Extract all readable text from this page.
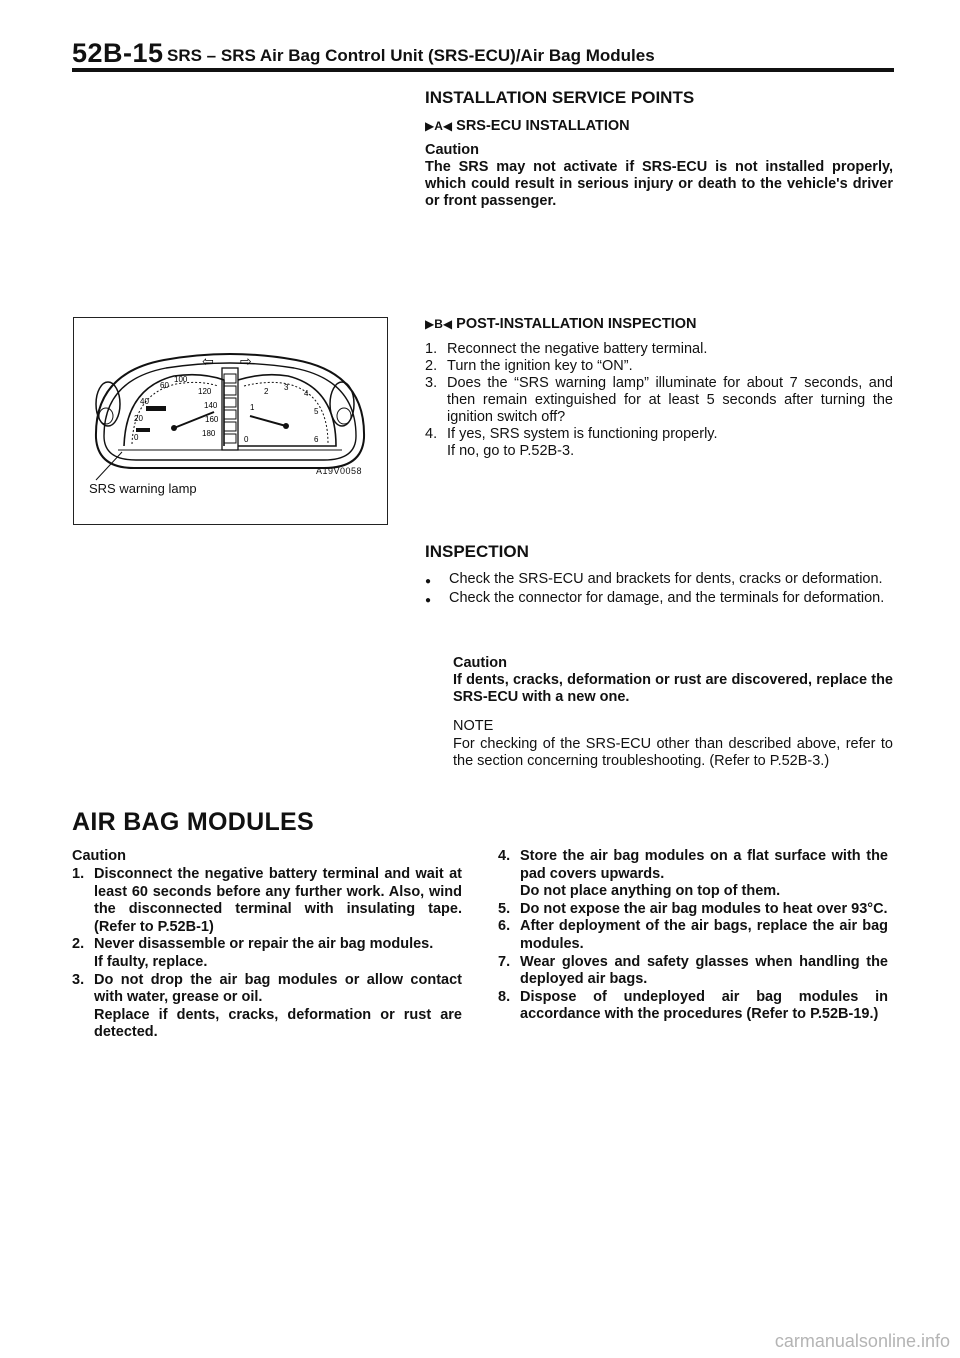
52B-15 SRS – SRS Air Bag Control Unit (SRS-ECU)/Air Bag Modules
INSTALLATION SERVICE POINTS
▶A◀ SRS-ECU INSTALLATION
Caution
The SRS may not activate if SRS-ECU is not installed properly, which could result in serious injury or death to the vehicle's driver or front passenger.
60
100
120
140
160
180
40
20
0
⇦ ⇨
2 3
4
5
1
0	6
A19V0058
SRS warning lamp
▶B◀ POST-INSTALLATION INSPECTION
1. Reconnect the negative battery terminal.
2. Turn the ignition key to “ON”.
3. Does the “SRS warning lamp” illuminate for about 7 seconds, and then remain extinguished for at least 5 seconds after turning the ignition switch off?
4. If yes, SRS system is functioning properly.
If no, go to P.52B-3.
INSPECTION
●	Check the SRS-ECU and brackets for dents, cracks or deformation.
●	Check the connector for damage, and the terminals for deformation.
Caution
If dents, cracks, deformation or rust are discovered, replace the SRS-ECU with a new one.
NOTE
For checking of the SRS-ECU other than described above, refer to the section concerning troubleshooting. (Refer to P.52B-3.)
AIR BAG MODULES
Caution
1. Disconnect the negative battery terminal and wait at least 60 seconds before any further work. Also, wind the disconnected terminal with insulating tape. (Refer to P.52B-1)
2. Never disassemble or repair the air bag modules.
If faulty, replace.
3. Do not drop the air bag modules or allow contact with water, grease or oil.
Replace if dents, cracks, deformation or rust are detected.
4. Store the air bag modules on a flat surface with the pad covers upwards.
Do not place anything on top of them.
5. Do not expose the air bag modules to heat over 93°C.
6. After deployment of the air bags, replace the air bag modules.
7. Wear gloves and safety glasses when handling the deployed air bags.
8. Dispose of undeployed air bag modules in accordance with the procedures (Refer to P.52B-19.)
carmanualsonline.info
